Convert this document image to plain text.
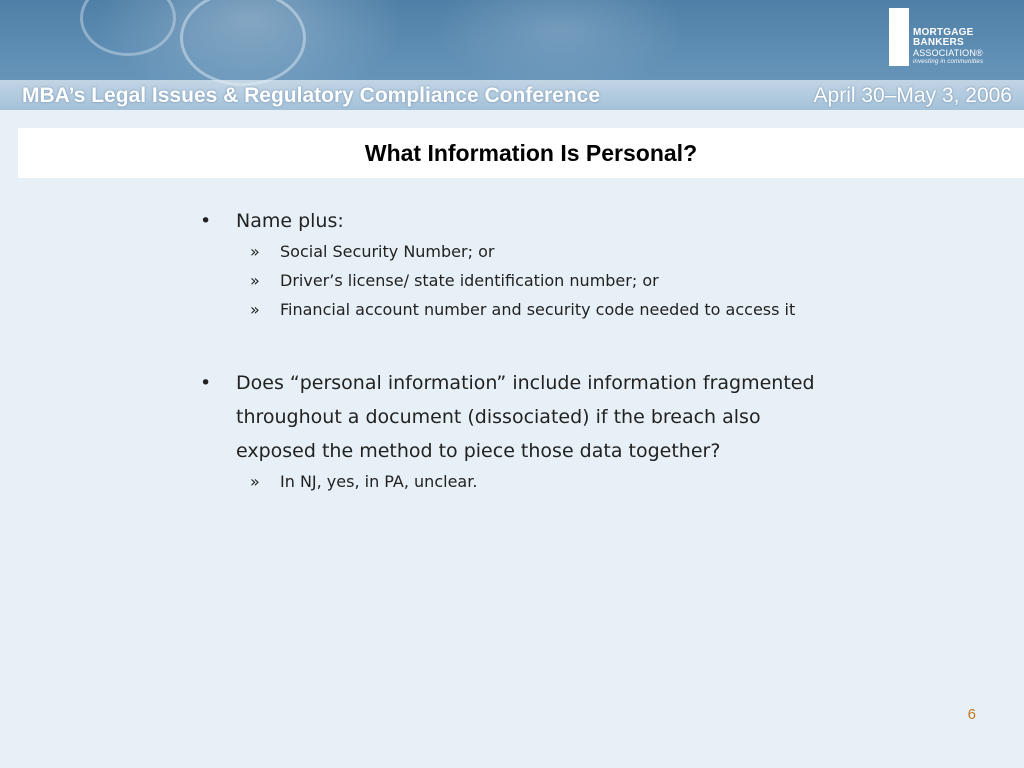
MORTGAGE
BANKERS
ASSOCIATION®
investing in communities
MBA’s Legal Issues & Regulatory Compliance Conference	April 30–May 3, 2006
What Information Is Personal?
•	Name plus:
»	Social Security Number; or
»	Driver’s license/ state identification number; or
»	Financial account number and security code needed to access it
•	Does “personal information” include information fragmented throughout a document (dissociated) if the breach also exposed the method to piece those data together?
»	In NJ, yes, in PA, unclear.
6
